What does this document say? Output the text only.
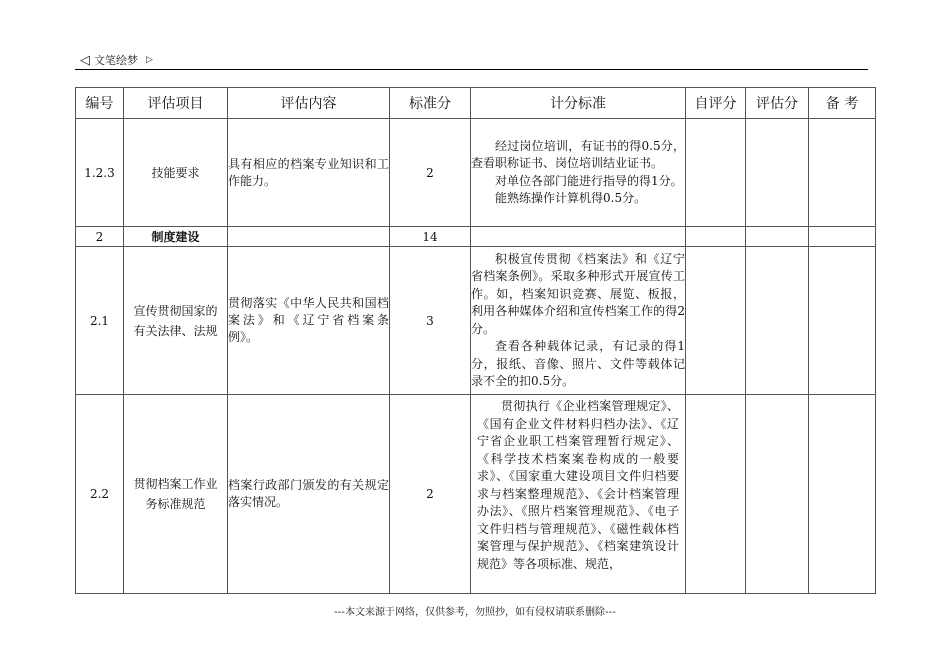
◁ 文笔绘梦 ▷
编号	评估项目	评估内容	标准分	计分标准	自评分	评估分	备 考
1.2.3	技能要求	具有相应的档案专业知识和工作能力。	2	经过岗位培训，有证书的得0.5分，查看职称证书、岗位培训结业证书。

对单位各部门能进行指导的得1分。

能熟练操作计算机得0.5分。			

2	制度建设		14				
2.1	宣传贯彻国家的有关法律、法规	贯彻落实《中华人民共和国档案法》和《辽宁省档案条例》。	3	积极宣传贯彻《档案法》和《辽宁省档案条例》。采取多种形式开展宣传工作。如，档案知识竞赛、展览、板报，利用各种媒体介绍和宣传档案工作的得2分。

查看各种载体记录，有记录的得1分，报纸、音像、照片、文件等载体记录不全的扣0.5分。			

2.2	贯彻档案工作业务标准规范	档案行政部门颁发的有关规定落实情况。	2	贯彻执行《企业档案管理规定》、《国有企业文件材料归档办法》、《辽宁省企业职工档案管理暂行规定》、《科学技术档案案卷构成的一般要求》、《国家重大建设项目文件归档要求与档案整理规范》、《会计档案管理办法》、《照片档案管理规范》、《电子文件归档与管理规范》、《磁性载体档案管理与保护规范》、《档案建筑设计规范》等各项标准、规范，			

---本文来源于网络，仅供参考，勿照抄，如有侵权请联系删除---
